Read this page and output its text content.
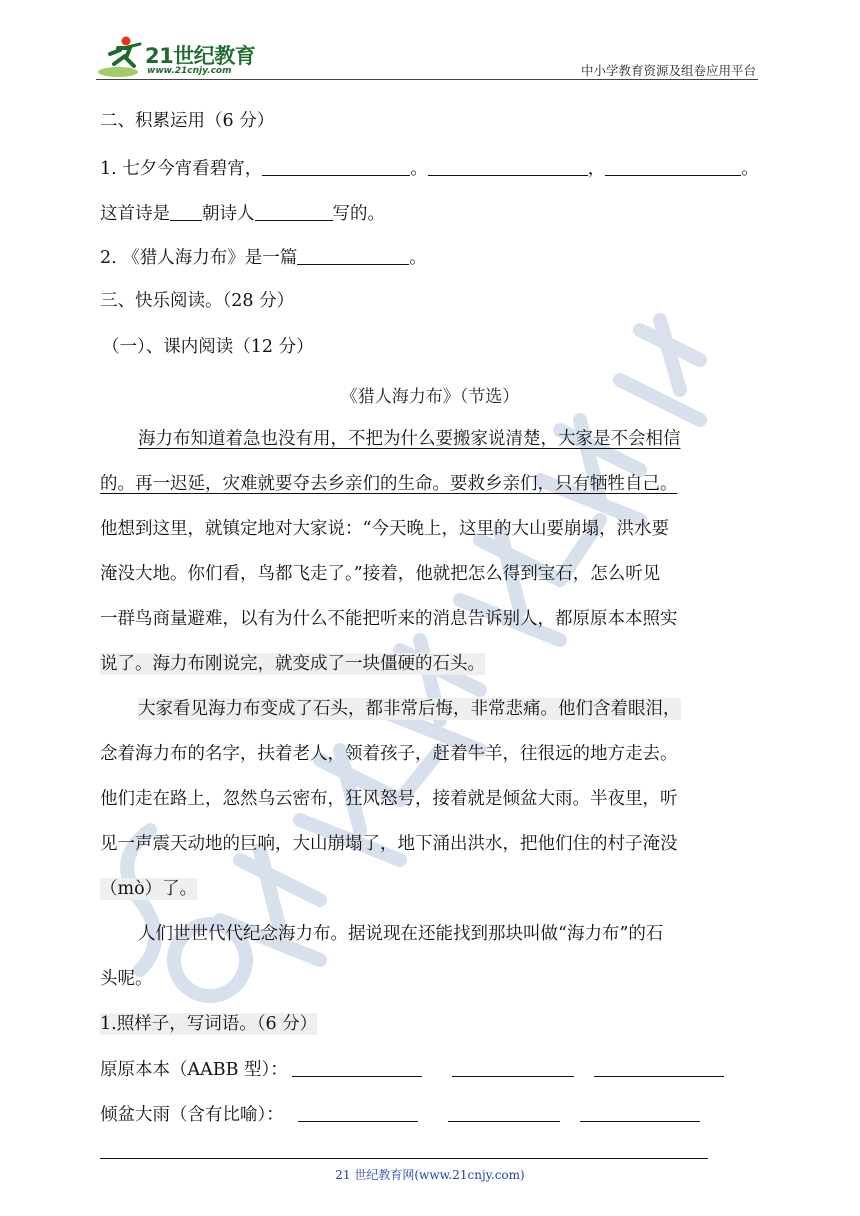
21世纪教育
www.21cnjy.com	中小学教育资源及组卷应用平台
二、积累运用（6 分）
1. 七夕今宵看碧宵，	。	，	。
这首诗是 朝诗人	写的。
2. 《猎人海力布》是一篇	。
三、快乐阅读。（28 分）
（一）、课内阅读（12 分）
《猎人海力布》（节选）
海力布知道着急也没有用，不把为什么要搬家说清楚，大家是不会相信
的。再一迟延，灾难就要夺去乡亲们的生命。要救乡亲们，只有牺牲自己。
他想到这里，就镇定地对大家说：“今天晚上，这里的大山要崩塌，洪水要
淹没大地。你们看，鸟都飞走了。”接着，他就把怎么得到宝石，怎么听见
一群鸟商量避难，以有为什么不能把听来的消息告诉别人，都原原本本照实
说了。海力布刚说完，就变成了一块僵硬的石头。
大家看见海力布变成了石头，都非常后悔，非常悲痛。他们含着眼泪，
念着海力布的名字，扶着老人，领着孩子，赶着牛羊，往很远的地方走去。
他们走在路上，忽然乌云密布，狂风怒号，接着就是倾盆大雨。半夜里，听
见一声震天动地的巨响，大山崩塌了，地下涌出洪水，把他们住的村子淹没
（mò）了。
人们世世代代纪念海力布。据说现在还能找到那块叫做“海力布”的石
头呢。
1.照样子，写词语。（6 分）
原原本本（AABB 型）：
倾盆大雨（含有比喻）：
21 世纪教育网(www.21cnjy.com)
